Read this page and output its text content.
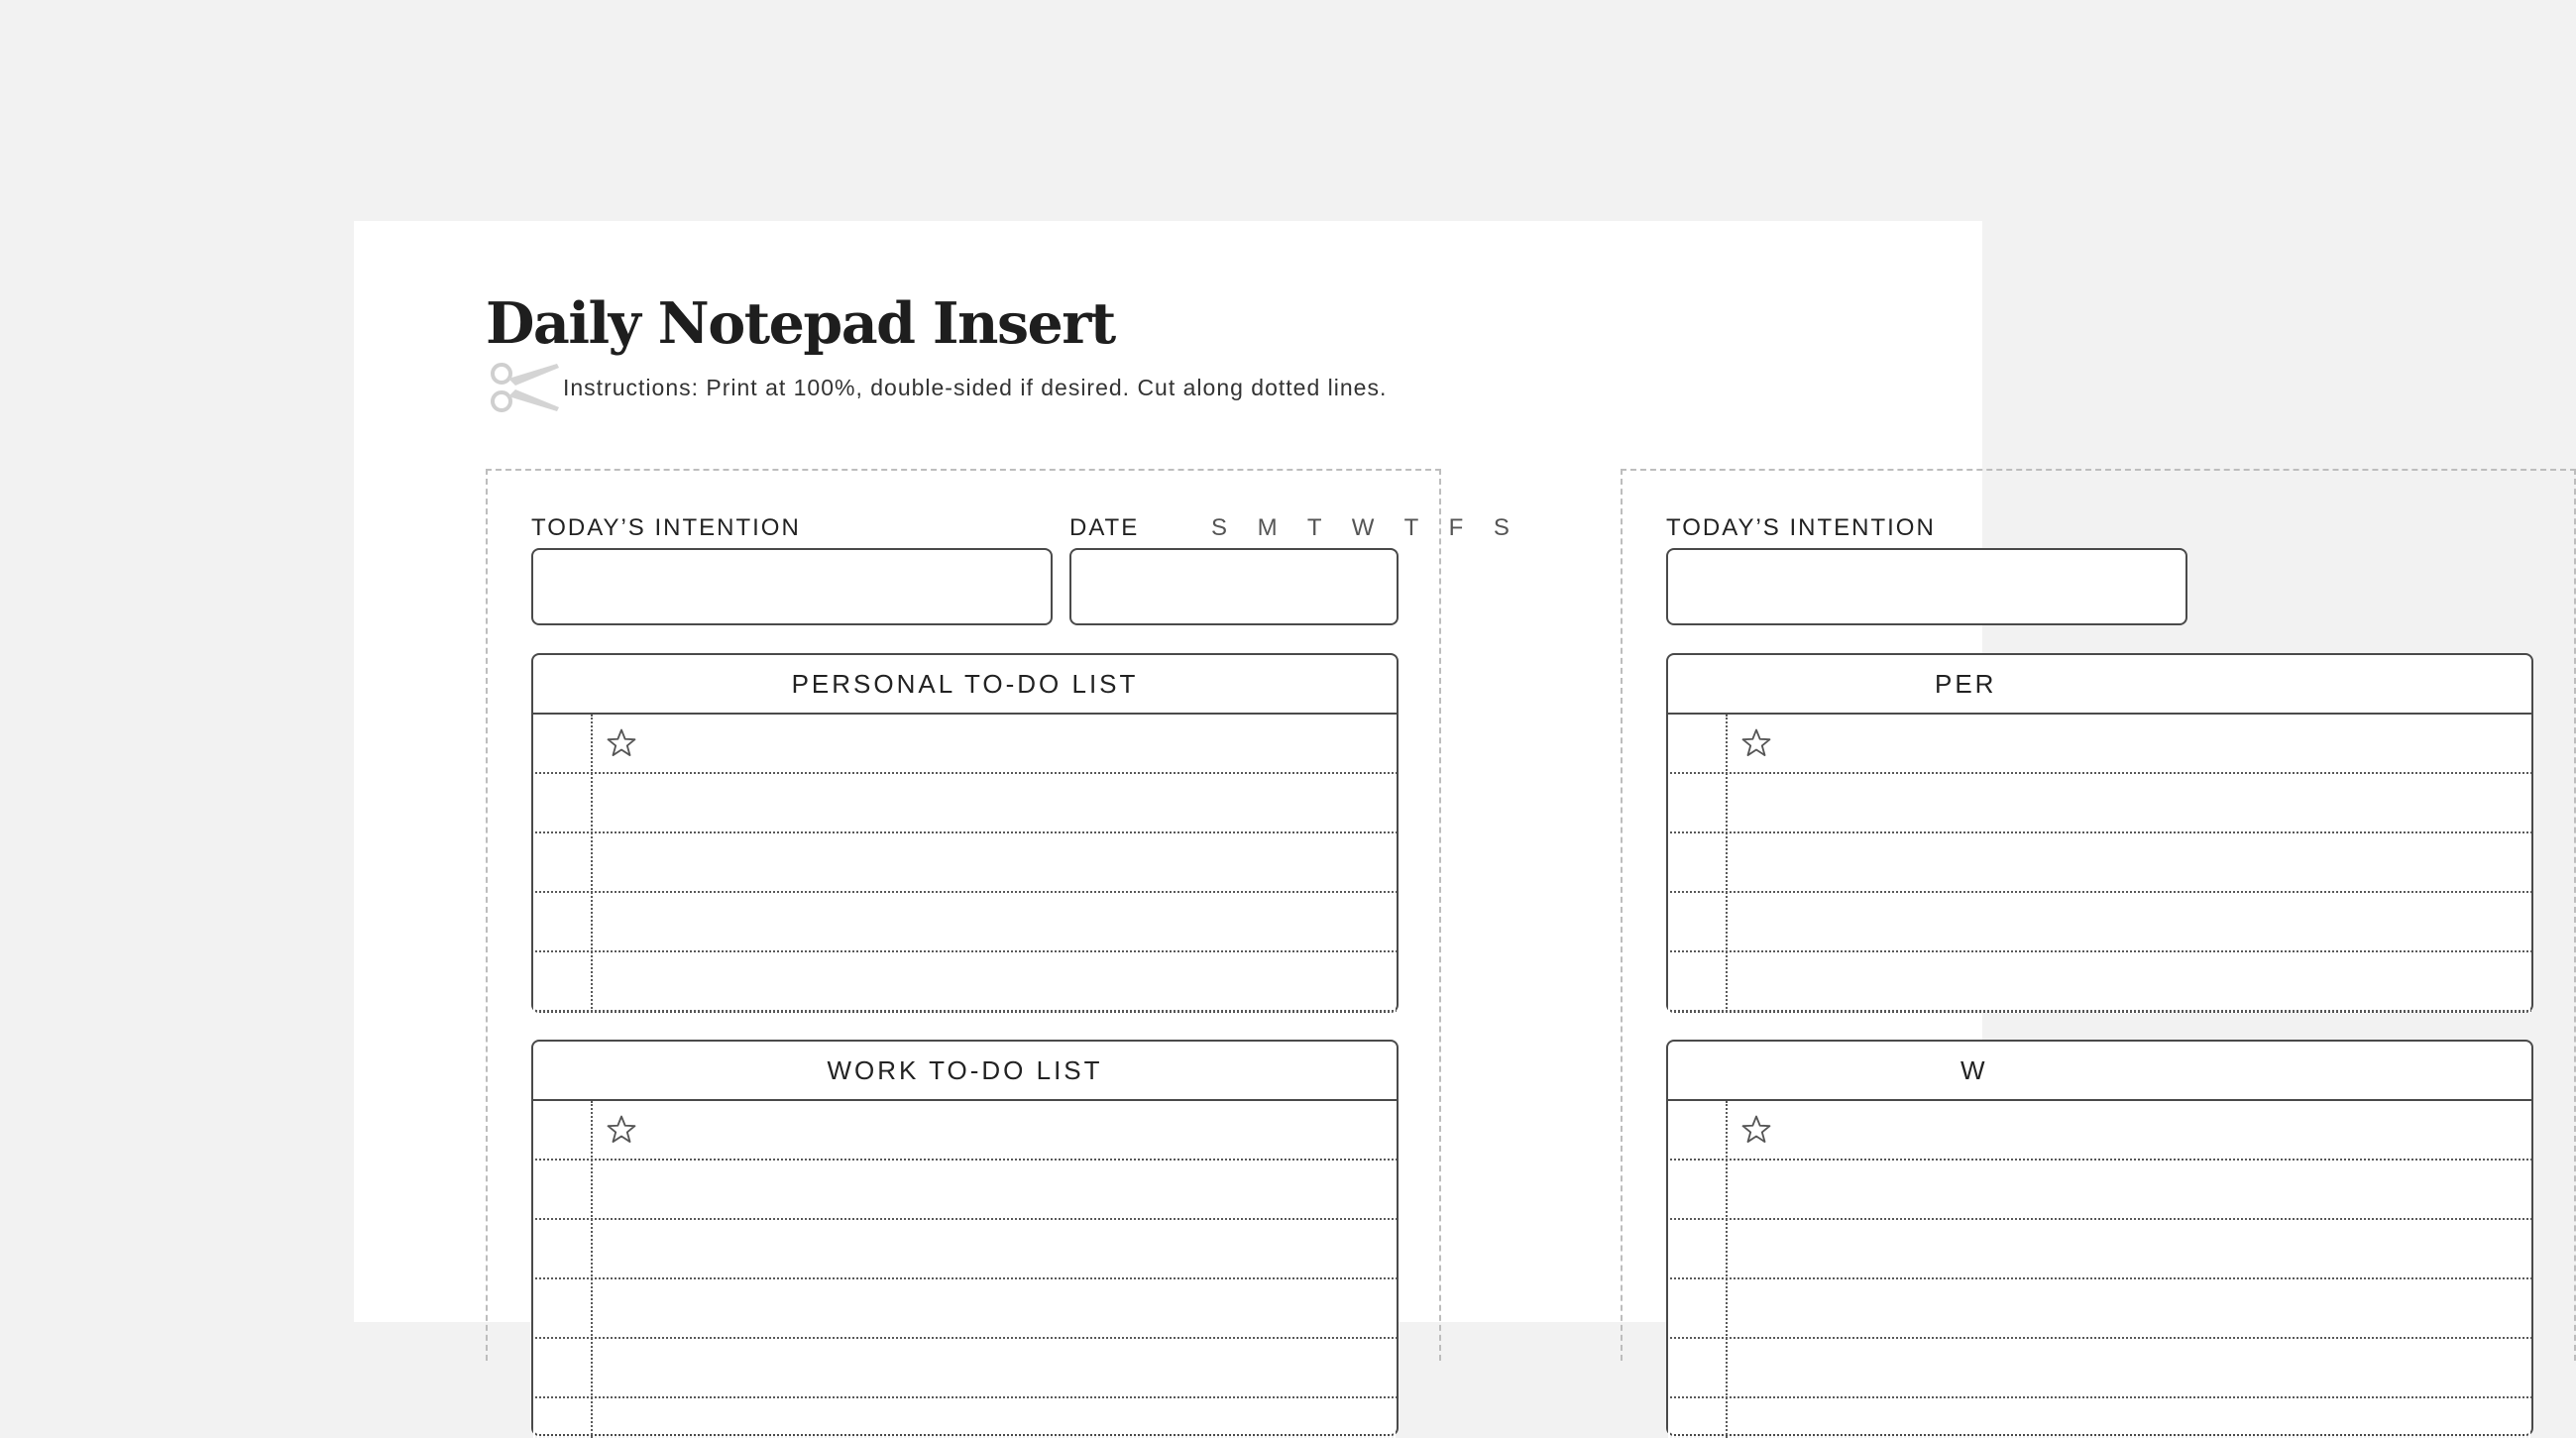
Daily Notepad Insert
Instructions: Print at 100%, double-sided if desired. Cut along dotted lines.
TODAY’S INTENTION	DATE	S M T W T F S
PERSONAL TO-DO LIST
WORK TO-DO LIST
TODAY’S INTENTION
PER
W
